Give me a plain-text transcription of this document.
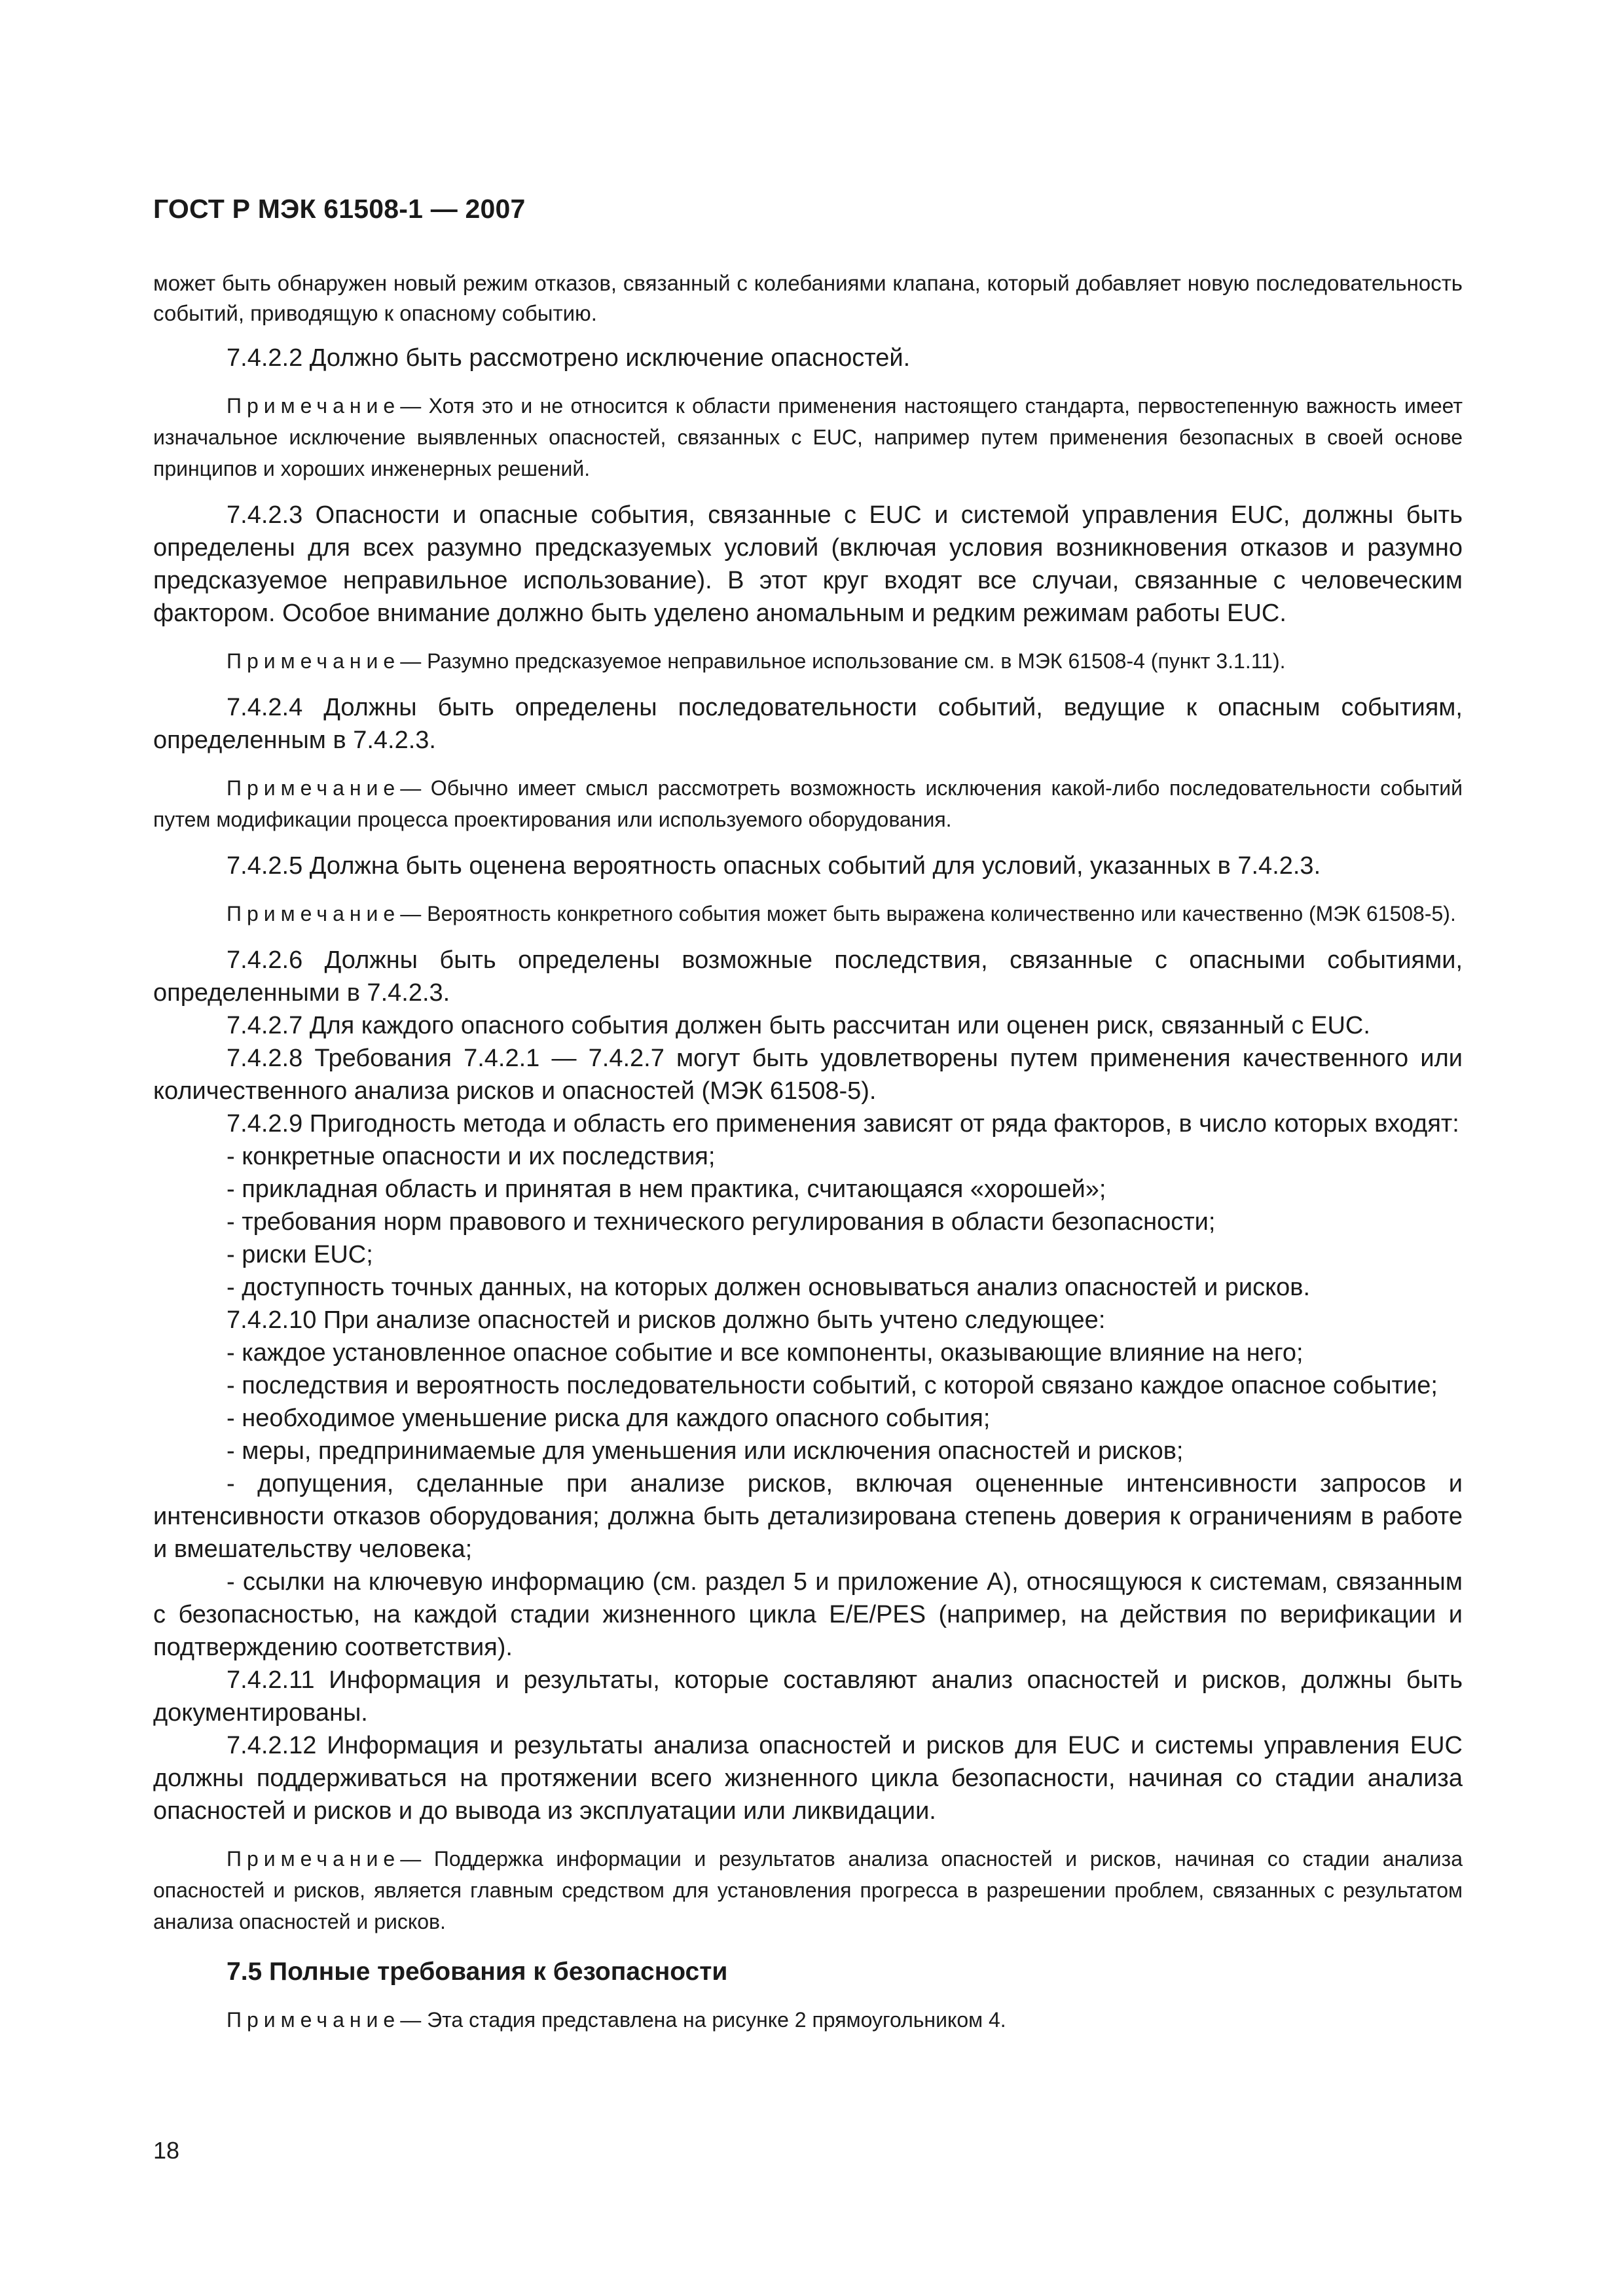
ГОСТ Р МЭК 61508-1 — 2007

может быть обнаружен новый режим отказов, связанный с колебаниями клапана, который добавляет новую последовательность событий, приводящую к опасному событию.

7.4.2.2 Должно быть рассмотрено исключение опасностей.

Примечание— Хотя это и не относится к области применения настоящего стандарта, первостепенную важность имеет изначальное исключение выявленных опасностей, связанных с EUC, например путем применения безопасных в своей основе принципов и хороших инженерных решений.

7.4.2.3 Опасности и опасные события, связанные с EUC и системой управления EUC, должны быть определены для всех разумно предсказуемых условий (включая условия возникновения отказов и разумно предсказуемое неправильное использование). В этот круг входят все случаи, связанные с человеческим фактором. Особое внимание должно быть уделено аномальным и редким режимам работы EUC.

Примечание— Разумно предсказуемое неправильное использование см. в МЭК 61508-4 (пункт 3.1.11).

7.4.2.4 Должны быть определены последовательности событий, ведущие к опасным событиям, определенным в 7.4.2.3.

Примечание— Обычно имеет смысл рассмотреть возможность исключения какой-либо последовательности событий путем модификации процесса проектирования или используемого оборудования.

7.4.2.5 Должна быть оценена вероятность опасных событий для условий, указанных в 7.4.2.3.

Примечание— Вероятность конкретного события может быть выражена количественно или качественно (МЭК 61508-5).

7.4.2.6 Должны быть определены возможные последствия, связанные с опасными событиями, определенными в 7.4.2.3.

7.4.2.7 Для каждого опасного события должен быть рассчитан или оценен риск, связанный с EUC.

7.4.2.8 Требования 7.4.2.1 — 7.4.2.7 могут быть удовлетворены путем применения качественного или количественного анализа рисков и опасностей (МЭК 61508-5).

7.4.2.9 Пригодность метода и область его применения зависят от ряда факторов, в число которых входят:

- конкретные опасности и их последствия;

- прикладная область и принятая в нем практика, считающаяся «хорошей»;

- требования норм правового и технического регулирования в области безопасности;

- риски EUC;

- доступность точных данных, на которых должен основываться анализ опасностей и рисков.

7.4.2.10 При анализе опасностей и рисков должно быть учтено следующее:

- каждое установленное опасное событие и все компоненты, оказывающие влияние на него;

- последствия и вероятность последовательности событий, с которой связано каждое опасное событие;

- необходимое уменьшение риска для каждого опасного события;

- меры, предпринимаемые для уменьшения или исключения опасностей и рисков;

- допущения, сделанные при анализе рисков, включая оцененные интенсивности запросов и интенсивности отказов оборудования; должна быть детализирована степень доверия к ограничениям в работе и вмешательству человека;

- ссылки на ключевую информацию (см. раздел 5 и приложение А), относящуюся к системам, связанным с безопасностью, на каждой стадии жизненного цикла E/E/PES (например, на действия по верификации и подтверждению соответствия).

7.4.2.11 Информация и результаты, которые составляют анализ опасностей и рисков, должны быть документированы.

7.4.2.12 Информация и результаты анализа опасностей и рисков для EUC и системы управления EUC должны поддерживаться на протяжении всего жизненного цикла безопасности, начиная со стадии анализа опасностей и рисков и до вывода из эксплуатации или ликвидации.

Примечание— Поддержка информации и результатов анализа опасностей и рисков, начиная со стадии анализа опасностей и рисков, является главным средством для установления прогресса в разрешении проблем, связанных с результатом анализа опасностей и рисков.

7.5 Полные требования к безопасности

Примечание— Эта стадия представлена на рисунке 2 прямоугольником 4.

18
